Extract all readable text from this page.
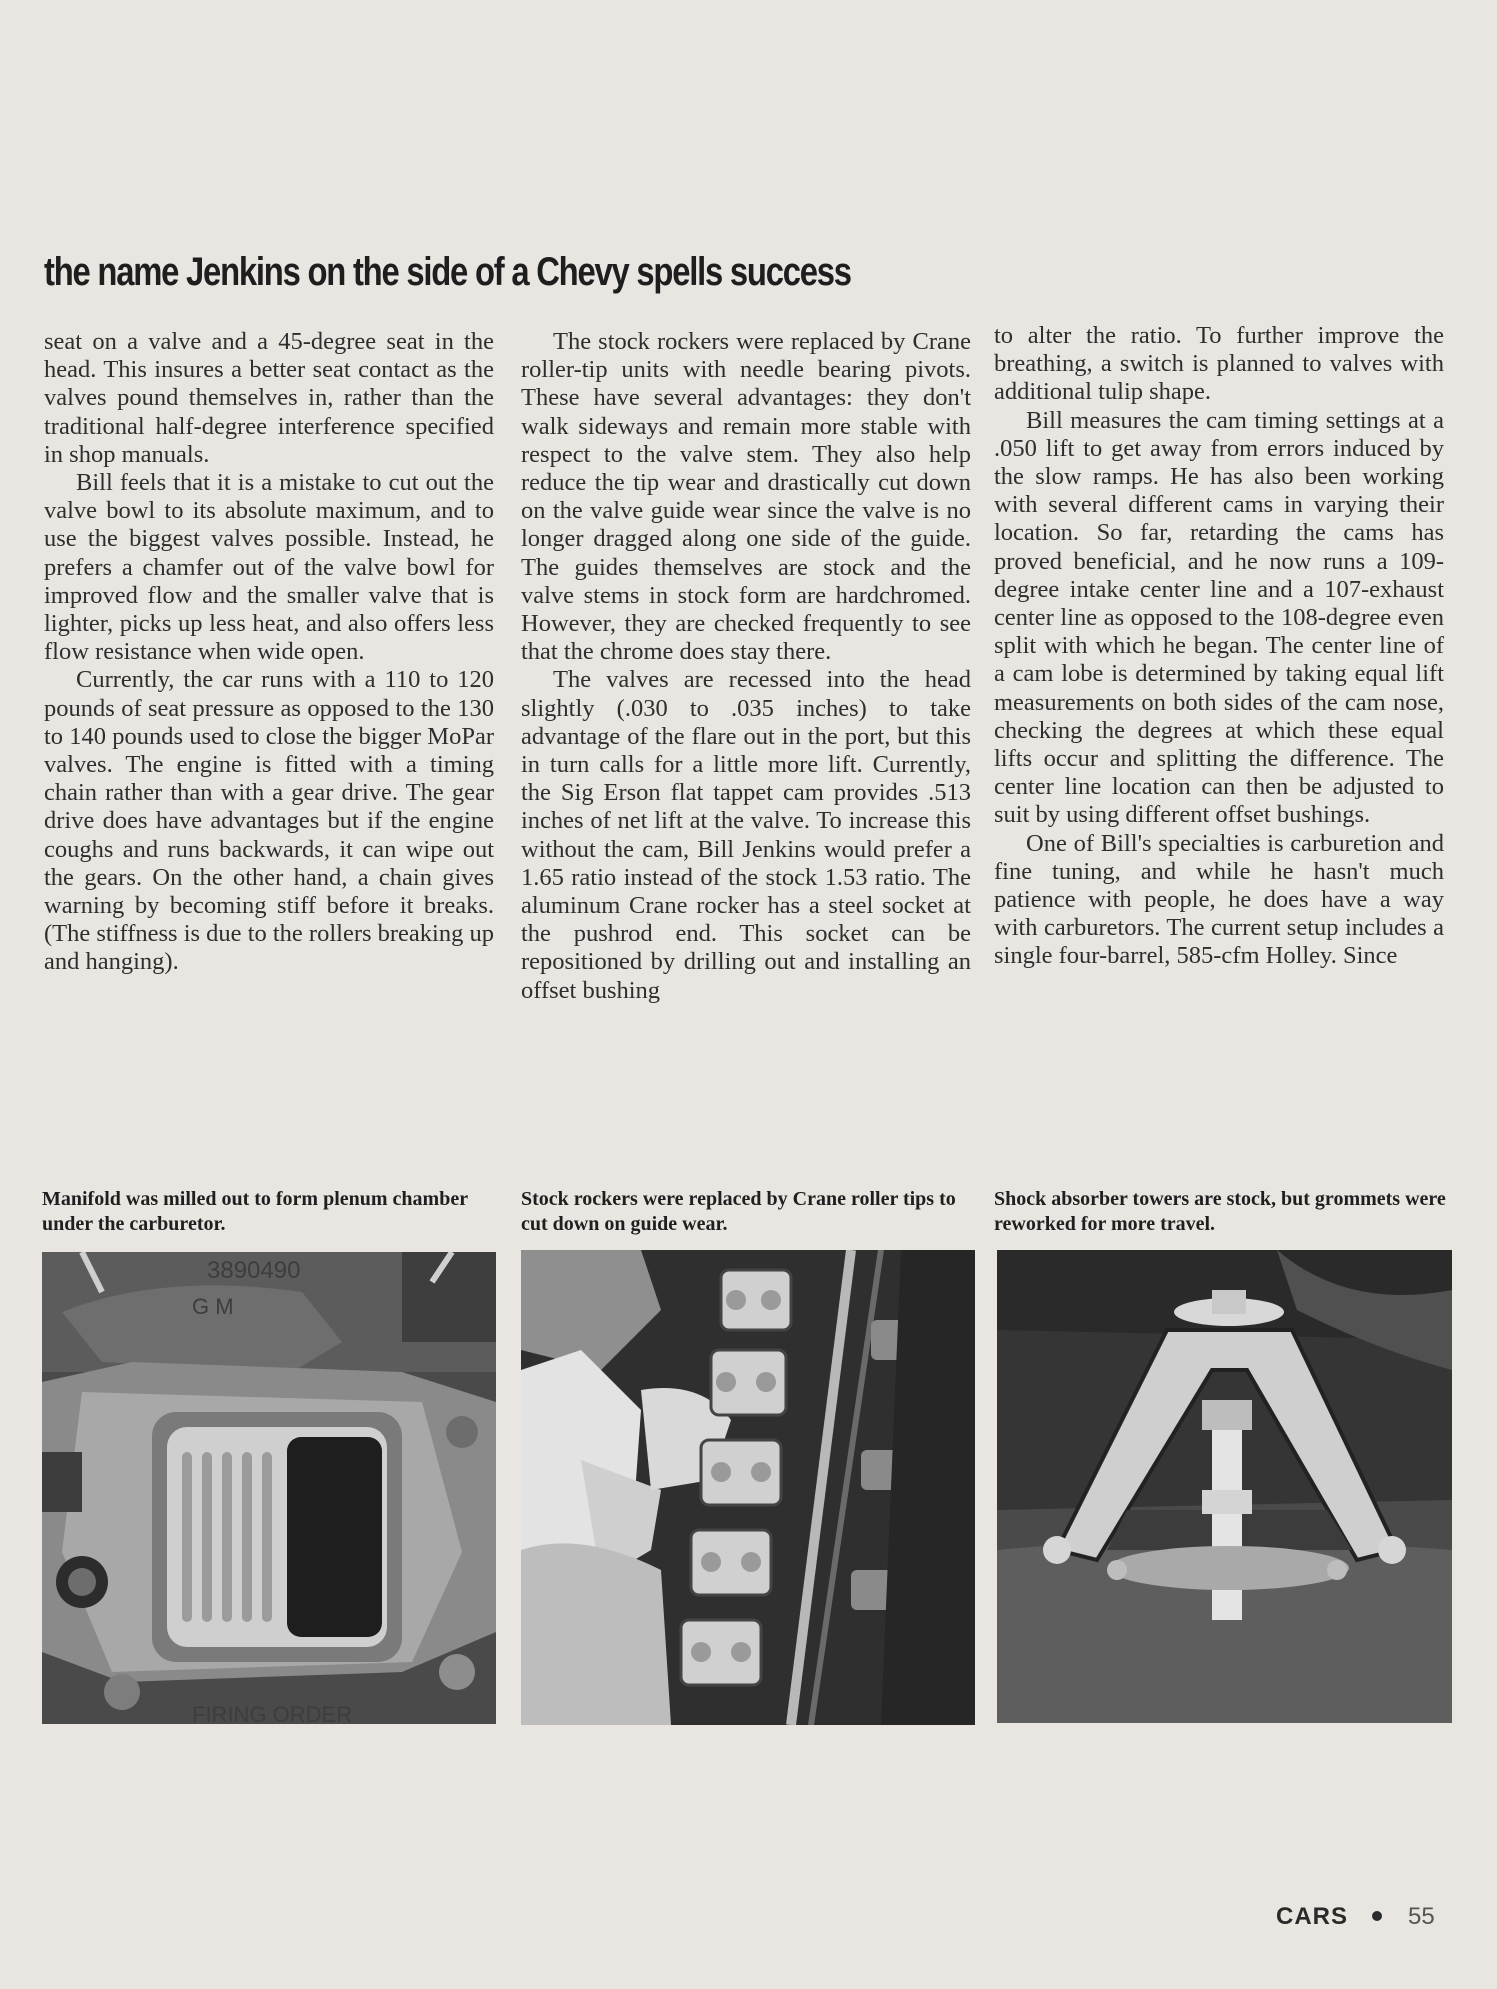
the name Jenkins on the side of a Chevy spells success

seat on a valve and a 45-degree seat in the head. This insures a better seat contact as the valves pound themselves in, rather than the traditional half-degree interference specified in shop manuals.

Bill feels that it is a mistake to cut out the valve bowl to its absolute maximum, and to use the biggest valves possible. Instead, he prefers a chamfer out of the valve bowl for improved flow and the smaller valve that is lighter, picks up less heat, and also offers less flow resistance when wide open.

Currently, the car runs with a 110 to 120 pounds of seat pressure as opposed to the 130 to 140 pounds used to close the bigger MoPar valves. The engine is fitted with a timing chain rather than with a gear drive. The gear drive does have advantages but if the engine coughs and runs backwards, it can wipe out the gears. On the other hand, a chain gives warning by becoming stiff before it breaks. (The stiffness is due to the rollers breaking up and hanging).

The stock rockers were replaced by Crane roller-tip units with needle bearing pivots. These have several advantages: they don't walk sideways and remain more stable with respect to the valve stem. They also help reduce the tip wear and drastically cut down on the valve guide wear since the valve is no longer dragged along one side of the guide. The guides themselves are stock and the valve stems in stock form are hardchromed. However, they are checked frequently to see that the chrome does stay there.

The valves are recessed into the head slightly (.030 to .035 inches) to take advantage of the flare out in the port, but this in turn calls for a little more lift. Currently, the Sig Erson flat tappet cam provides .513 inches of net lift at the valve. To increase this without the cam, Bill Jenkins would prefer a 1.65 ratio instead of the stock 1.53 ratio. The aluminum Crane rocker has a steel socket at the pushrod end. This socket can be repositioned by drilling out and installing an offset bushing

to alter the ratio. To further improve the breathing, a switch is planned to valves with additional tulip shape.

Bill measures the cam timing settings at a .050 lift to get away from errors induced by the slow ramps. He has also been working with several different cams in varying their location. So far, retarding the cams has proved beneficial, and he now runs a 109-degree intake center line and a 107-exhaust center line as opposed to the 108-degree even split with which he began. The center line of a cam lobe is determined by taking equal lift measurements on both sides of the cam nose, checking the degrees at which these equal lifts occur and splitting the difference. The center line location can then be adjusted to suit by using different offset bushings.

One of Bill's specialties is carburetion and fine tuning, and while he hasn't much patience with people, he does have a way with carburetors. The current setup includes a single four-barrel, 585-cfm Holley. Since

Manifold was milled out to form plenum chamber under the carburetor.
Stock rockers were replaced by Crane roller tips to cut down on guide wear.
Shock absorber towers are stock, but grommets were reworked for more travel.
3890490
G M
FIRING ORDER
CARS	55
